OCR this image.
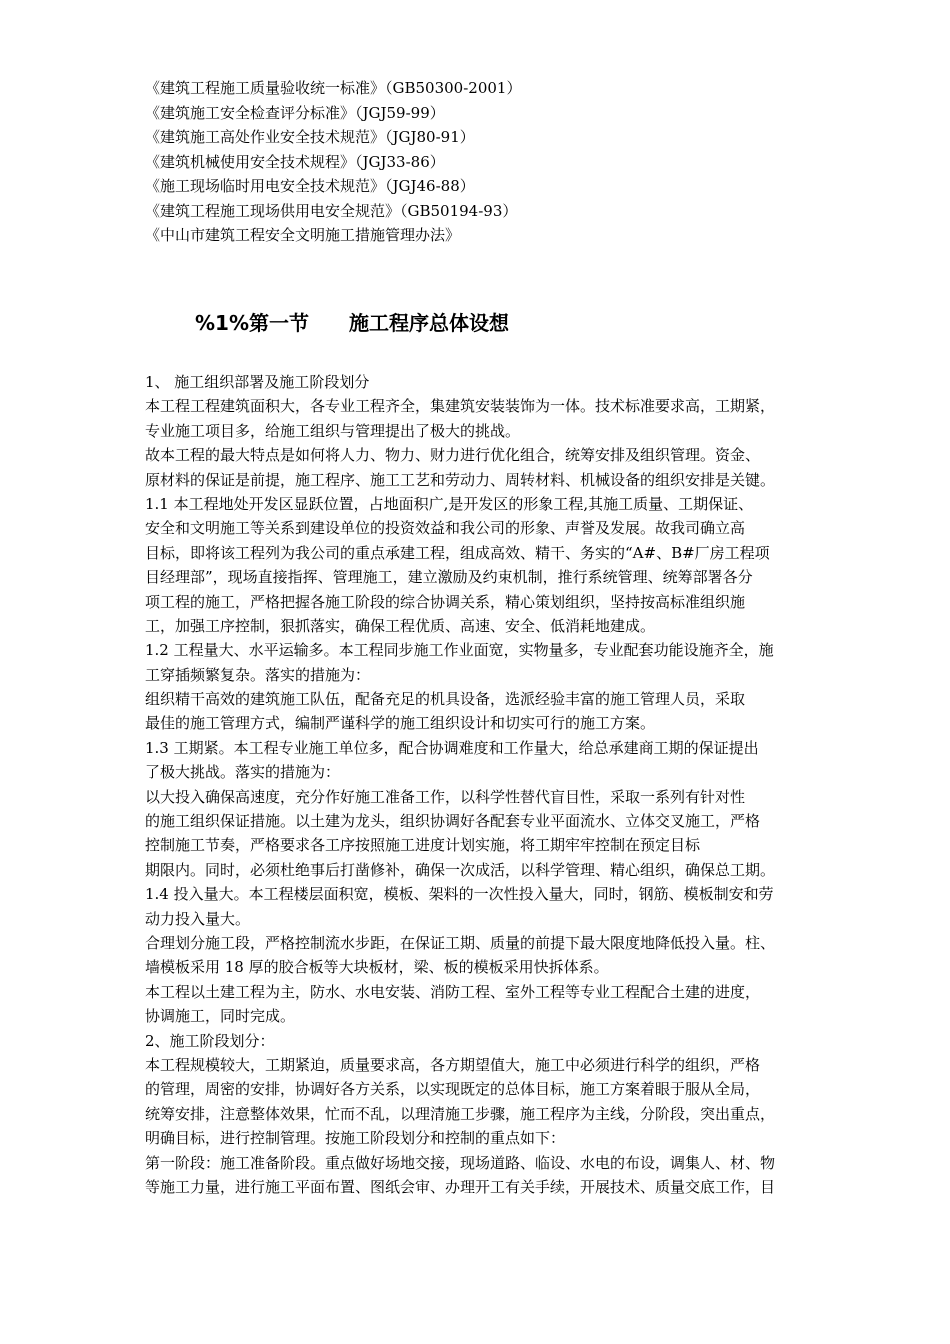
《建筑工程施工质量验收统一标准》（GB50300-2001）
《建筑施工安全检查评分标准》（JGJ59-99）
《建筑施工高处作业安全技术规范》（JGJ80-91）
《建筑机械使用安全技术规程》（JGJ33-86）
《施工现场临时用电安全技术规范》（JGJ46-88）
《建筑工程施工现场供用电安全规范》（GB50194-93）
《中山市建筑工程安全文明施工措施管理办法》
%1%第一节 施工程序总体设想
1、 施工组织部署及施工阶段划分
本工程工程建筑面积大，各专业工程齐全，集建筑安装装饰为一体。技术标准要求高，工期紧，
专业施工项目多，给施工组织与管理提出了极大的挑战。
故本工程的最大特点是如何将人力、物力、财力进行优化组合，统筹安排及组织管理。资金、
原材料的保证是前提，施工程序、施工工艺和劳动力、周转材料、机械设备的组织安排是关键。
1.1 本工程地处开发区显跃位置，占地面积广,是开发区的形象工程,其施工质量、工期保证、
安全和文明施工等关系到建设单位的投资效益和我公司的形象、声誉及发展。故我司确立高
目标，即将该工程列为我公司的重点承建工程，组成高效、精干、务实的“A#、B#厂房工程项
目经理部”，现场直接指挥、管理施工，建立激励及约束机制，推行系统管理、统筹部署各分
项工程的施工，严格把握各施工阶段的综合协调关系，精心策划组织，坚持按高标准组织施
工，加强工序控制，狠抓落实，确保工程优质、高速、安全、低消耗地建成。
1.2 工程量大、水平运输多。本工程同步施工作业面宽，实物量多，专业配套功能设施齐全，施
工穿插频繁复杂。落实的措施为：
组织精干高效的建筑施工队伍，配备充足的机具设备，选派经验丰富的施工管理人员，采取
最佳的施工管理方式，编制严谨科学的施工组织设计和切实可行的施工方案。
1.3 工期紧。本工程专业施工单位多，配合协调难度和工作量大，给总承建商工期的保证提出
了极大挑战。落实的措施为：
以大投入确保高速度，充分作好施工准备工作，以科学性替代盲目性，采取一系列有针对性
的施工组织保证措施。以土建为龙头，组织协调好各配套专业平面流水、立体交叉施工，严格
控制施工节奏，严格要求各工序按照施工进度计划实施，将工期牢牢控制在预定目标
期限内。同时，必须杜绝事后打凿修补，确保一次成活，以科学管理、精心组织，确保总工期。
1.4 投入量大。本工程楼层面积宽，模板、架料的一次性投入量大，同时，钢筋、模板制安和劳
动力投入量大。
合理划分施工段，严格控制流水步距，在保证工期、质量的前提下最大限度地降低投入量。柱、
墙模板采用 18 厚的胶合板等大块板材，梁、板的模板采用快拆体系。
本工程以土建工程为主，防水、水电安装、消防工程、室外工程等专业工程配合土建的进度，
协调施工，同时完成。
2、施工阶段划分：
本工程规模较大，工期紧迫，质量要求高，各方期望值大，施工中必须进行科学的组织，严格
的管理，周密的安排，协调好各方关系，以实现既定的总体目标，施工方案着眼于服从全局，
统筹安排，注意整体效果，忙而不乱，以理清施工步骤，施工程序为主线，分阶段，突出重点，
明确目标，进行控制管理。按施工阶段划分和控制的重点如下：
第一阶段：施工准备阶段。重点做好场地交接，现场道路、临设、水电的布设，调集人、材、物
等施工力量，进行施工平面布置、图纸会审、办理开工有关手续，开展技术、质量交底工作，目
